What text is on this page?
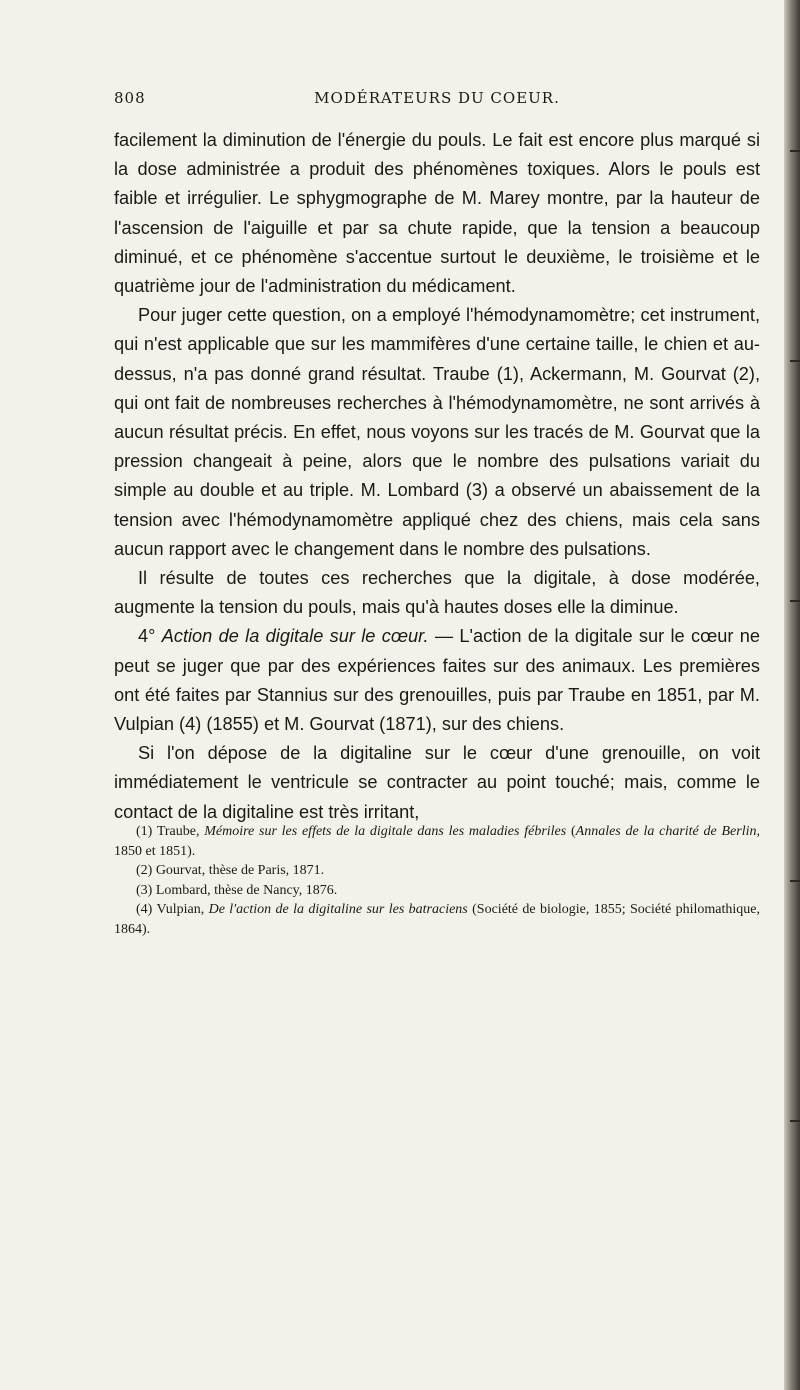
808	MODÉRATEURS DU COEUR.

facilement la diminution de l'énergie du pouls. Le fait est encore plus marqué si la dose administrée a produit des phénomènes toxiques. Alors le pouls est faible et irrégulier. Le sphygmographe de M. Marey montre, par la hauteur de l'ascension de l'aiguille et par sa chute rapide, que la tension a beaucoup diminué, et ce phénomène s'accentue surtout le deuxième, le troisième et le quatrième jour de l'administration du médicament.

Pour juger cette question, on a employé l'hémodynamomètre; cet instrument, qui n'est applicable que sur les mammifères d'une certaine taille, le chien et au-dessus, n'a pas donné grand résultat. Traube (1), Ackermann, M. Gourvat (2), qui ont fait de nombreuses recherches à l'hémodynamomètre, ne sont arrivés à aucun résultat précis. En effet, nous voyons sur les tracés de M. Gourvat que la pression changeait à peine, alors que le nombre des pulsations variait du simple au double et au triple. M. Lombard (3) a observé un abaissement de la tension avec l'hémodynamomètre appliqué chez des chiens, mais cela sans aucun rapport avec le changement dans le nombre des pulsations.

Il résulte de toutes ces recherches que la digitale, à dose modérée, augmente la tension du pouls, mais qu'à hautes doses elle la diminue.

4° Action de la digitale sur le cœur. — L'action de la digitale sur le cœur ne peut se juger que par des expériences faites sur des animaux. Les premières ont été faites par Stannius sur des grenouilles, puis par Traube en 1851, par M. Vulpian (4) (1855) et M. Gourvat (1871), sur des chiens.

Si l'on dépose de la digitaline sur le cœur d'une grenouille, on voit immédiatement le ventricule se contracter au point touché; mais, comme le contact de la digitaline est très irritant,

(1) Traube, Mémoire sur les effets de la digitale dans les maladies fébriles (Annales de la charité de Berlin, 1850 et 1851).

(2) Gourvat, thèse de Paris, 1871.

(3) Lombard, thèse de Nancy, 1876.

(4) Vulpian, De l'action de la digitaline sur les batraciens (Société de biologie, 1855; Société philomathique, 1864).
